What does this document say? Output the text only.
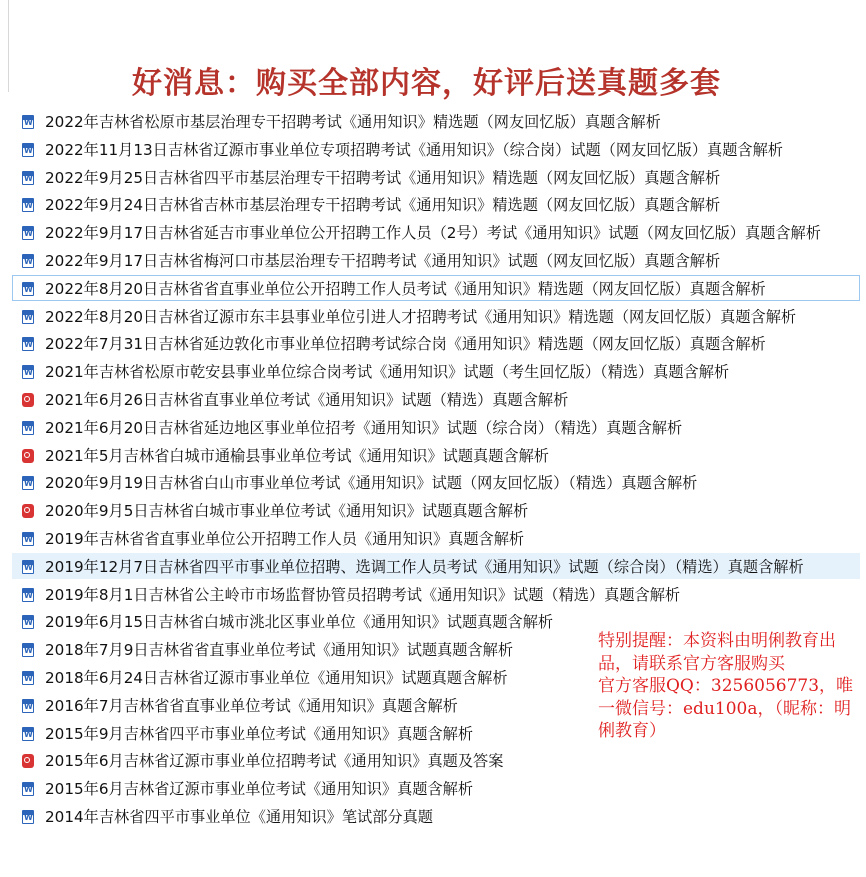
好消息：购买全部内容，好评后送真题多套
W
2022年吉林省松原市基层治理专干招聘考试《通用知识》精选题（网友回忆版）真题含解析
W
2022年11月13日吉林省辽源市事业单位专项招聘考试《通用知识》（综合岗）试题（网友回忆版）真题含解析
W
2022年9月25日吉林省四平市基层治理专干招聘考试《通用知识》精选题（网友回忆版）真题含解析
W
2022年9月24日吉林省吉林市基层治理专干招聘考试《通用知识》精选题（网友回忆版）真题含解析
W
2022年9月17日吉林省延吉市事业单位公开招聘工作人员（2号）考试《通用知识》试题（网友回忆版）真题含解析
W
2022年9月17日吉林省梅河口市基层治理专干招聘考试《通用知识》试题（网友回忆版）真题含解析
W
2022年8月20日吉林省省直事业单位公开招聘工作人员考试《通用知识》精选题（网友回忆版）真题含解析
W
2022年8月20日吉林省辽源市东丰县事业单位引进人才招聘考试《通用知识》精选题（网友回忆版）真题含解析
W
2022年7月31日吉林省延边敦化市事业单位招聘考试综合岗《通用知识》精选题（网友回忆版）真题含解析
W
2021年吉林省松原市乾安县事业单位综合岗考试《通用知识》试题（考生回忆版）（精选）真题含解析
2021年6月26日吉林省直事业单位考试《通用知识》试题（精选）真题含解析
W
2021年6月20日吉林省延边地区事业单位招考《通用知识》试题（综合岗）（精选）真题含解析
2021年5月吉林省白城市通榆县事业单位考试《通用知识》试题真题含解析
W
2020年9月19日吉林省白山市事业单位考试《通用知识》试题（网友回忆版）（精选）真题含解析
2020年9月5日吉林省白城市事业单位考试《通用知识》试题真题含解析
W
2019年吉林省省直事业单位公开招聘工作人员《通用知识》真题含解析
W
2019年12月7日吉林省四平市事业单位招聘、选调工作人员考试《通用知识》试题（综合岗）（精选）真题含解析
W
2019年8月1日吉林省公主岭市市场监督协管员招聘考试《通用知识》试题（精选）真题含解析
W
2019年6月15日吉林省白城市洮北区事业单位《通用知识》试题真题含解析
W
2018年7月9日吉林省省直事业单位考试《通用知识》试题真题含解析
W
2018年6月24日吉林省辽源市事业单位《通用知识》试题真题含解析
W
2016年7月吉林省省直事业单位考试《通用知识》真题含解析
W
2015年9月吉林省四平市事业单位考试《通用知识》真题含解析
2015年6月吉林省辽源市事业单位招聘考试《通用知识》真题及答案
W
2015年6月吉林省辽源市事业单位考试《通用知识》真题含解析
W
2014年吉林省四平市事业单位《通用知识》笔试部分真题
特别提醒：本资料由明俐教育出品，请联系官方客服购买
官方客服QQ：3256056773，唯一微信号：edu100a，（昵称：明俐教育）
